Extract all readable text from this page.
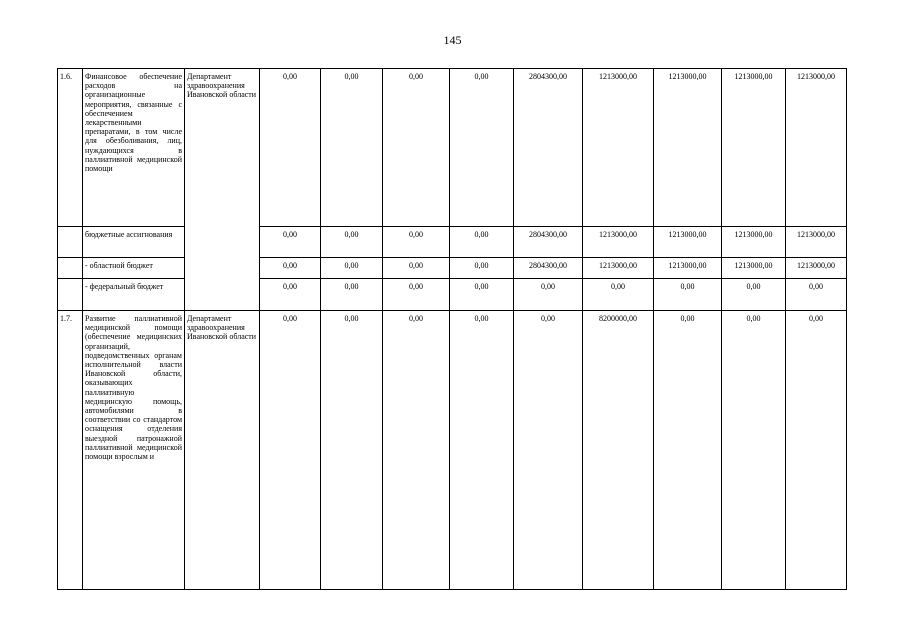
145
1.6.	Финансовое обеспечение расходов на организационные мероприятия, связанные с обеспечением лекарственными препаратами, в том числе для обезболивания, лиц, нуждающихся в паллиативной медицинской помощи	Департамент здравоохранения Ивановской области	0,00	0,00	0,00	0,00	2804300,00	1213000,00	1213000,00	1213000,00	1213000,00
	бюджетные ассигнования		0,00	0,00	0,00	0,00	2804300,00	1213000,00	1213000,00	1213000,00	1213000,00
	- областной бюджет		0,00	0,00	0,00	0,00	2804300,00	1213000,00	1213000,00	1213000,00	1213000,00
	- федеральный бюджет		0,00	0,00	0,00	0,00	0,00	0,00	0,00	0,00	0,00
1.7.	Развитие паллиативной медицинской помощи (обеспечение медицинских организаций, подведомственных органам исполнительной власти Ивановской области, оказывающих паллиативную медицинскую помощь, автомобилями в соответствии со стандартом оснащения отделения выездной патронажной паллиативной медицинской помощи взрослым и	Департамент здравоохранения Ивановской области	0,00	0,00	0,00	0,00	0,00	8200000,00	0,00	0,00	0,00
